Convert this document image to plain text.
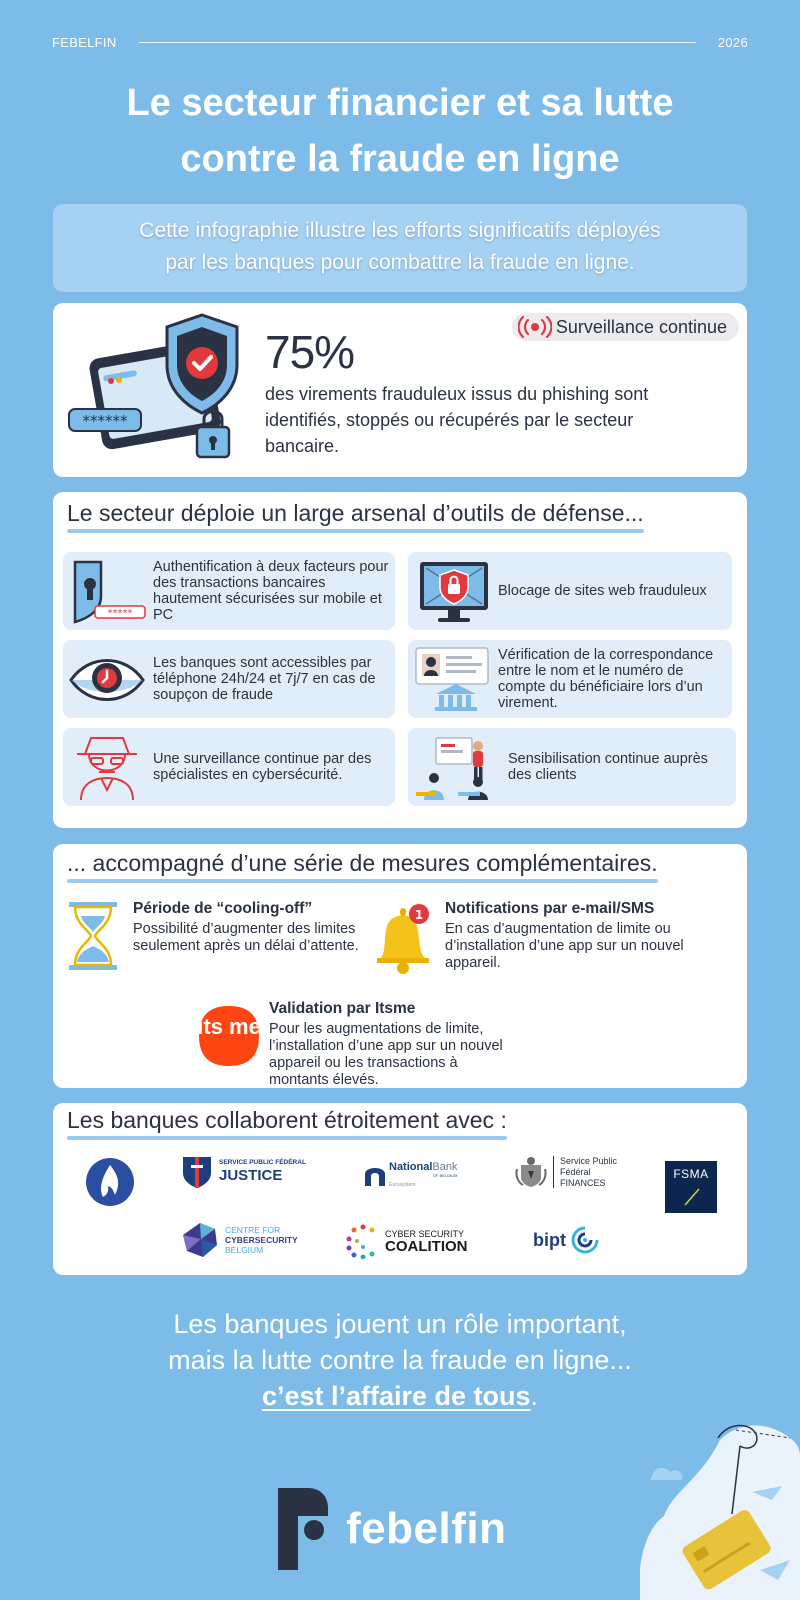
FEBELFIN	2026
Le secteur financier et sa lutte
contre la fraude en ligne
Cette infographie illustre les efforts significatifs déployés
par les banques pour combattre la fraude en ligne.
******
Surveillance continue
75%
des virements frauduleux issus du phishing sont identifiés, stoppés ou récupérés par le secteur bancaire.
Le secteur déploie un large arsenal d’outils de défense...
*****
Authentification à deux facteurs pour des transactions bancaires hautement sécurisées sur mobile et PC
Blocage de sites web frauduleux
Les banques sont accessibles par téléphone 24h/24 et 7j/7 en cas de soupçon de fraude
Vérification de la correspondance entre le nom et le numéro de compte du bénéficiaire lors d’un virement.
Une surveillance continue par des spécialistes en cybersécurité.
Sensibilisation continue auprès des clients
... accompagné d’une série de mesures complémentaires.
Période de “cooling-off”
Possibilité d’augmenter des limites seulement après un délai d’attente.
1 Notifications par e-mail/SMS
En cas d’augmentation de limite ou d’installation d’une app sur un nouvel appareil.
its me
Validation par Itsme
Pour les augmentations de limite, l’installation d’une app sur un nouvel appareil ou les transactions à montants élevés.
Les banques collaborent étroitement avec :
SERVICE PUBLIC FÉDÉRAL
JUSTICE	NationalBank
OF BELGIUM
Eurosystem
Service Public
Fédéral
FINANCES
FSMA
CENTRE FOR
CYBERSECURITY
BELGIUM
CYBER SECURITY
COALITION	bipt
Les banques jouent un rôle important,
mais la lutte contre la fraude en ligne...
c’est l’affaire de tous.
febelfin
